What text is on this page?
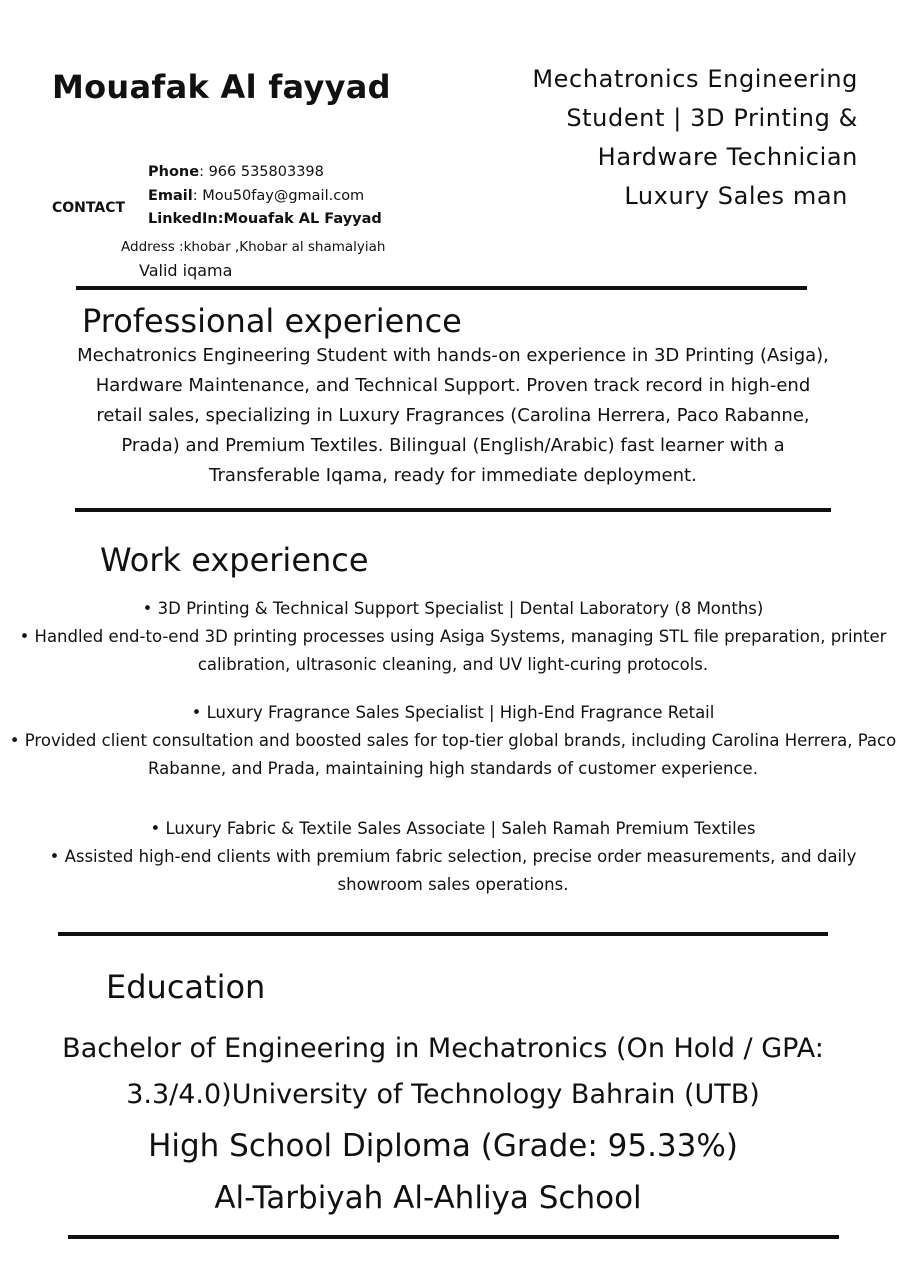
Mouafak Al fayyad	Mechatronics Engineering
Student | 3D Printing &
Hardware Technician
Luxury Sales man
CONTACT
Phone: 966 535803398
Email: Mou50fay@gmail.com
LinkedIn:Mouafak AL Fayyad
Address :khobar ,Khobar al shamalyiah
Valid iqama
Professional experience
Mechatronics Engineering Student with hands-on experience in 3D Printing (Asiga),
Hardware Maintenance, and Technical Support. Proven track record in high-end
retail sales, specializing in Luxury Fragrances (Carolina Herrera, Paco Rabanne,
Prada) and Premium Textiles. Bilingual (English/Arabic) fast learner with a
Transferable Iqama, ready for immediate deployment.
Work experience

• 3D Printing & Technical Support Specialist | Dental Laboratory (8 Months)

• Handled end-to-end 3D printing processes using Asiga Systems, managing STL file preparation, printer

calibration, ultrasonic cleaning, and UV light-curing protocols.

• Luxury Fragrance Sales Specialist | High-End Fragrance Retail

• Provided client consultation and boosted sales for top-tier global brands, including Carolina Herrera, Paco

Rabanne, and Prada, maintaining high standards of customer experience.

• Luxury Fabric & Textile Sales Associate | Saleh Ramah Premium Textiles

• Assisted high-end clients with premium fabric selection, precise order measurements, and daily

showroom sales operations.

Education
Bachelor of Engineering in Mechatronics (On Hold / GPA:
3.3/4.0)University of Technology Bahrain (UTB)
High School Diploma (Grade: 95.33%)
Al-Tarbiyah Al-Ahliya School
